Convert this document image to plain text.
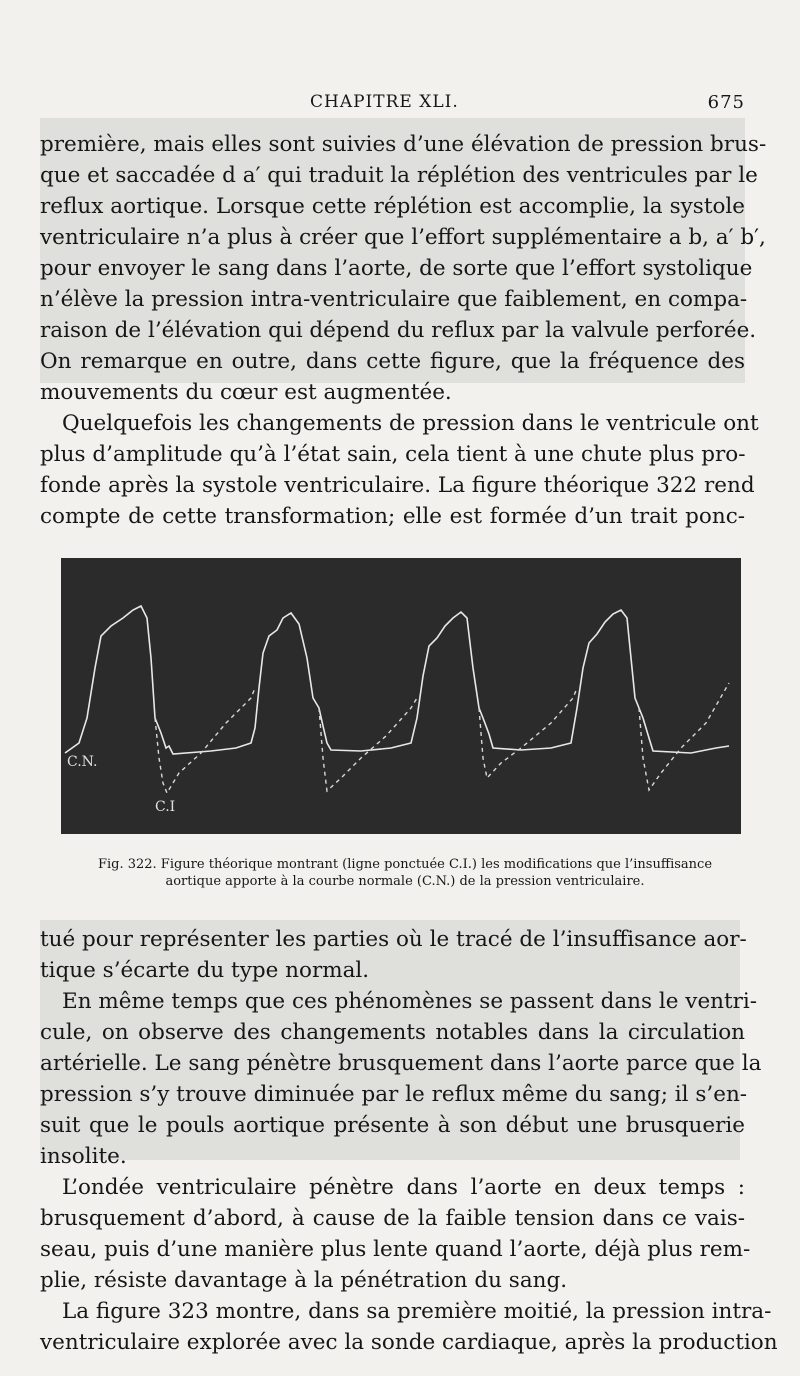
CHAPITRE XLI.	675
première, mais elles sont suivies d’une élévation de pression brus-
que et saccadée d a′ qui traduit la réplétion des ventricules par le
reflux aortique. Lorsque cette réplétion est accomplie, la systole
ventriculaire n’a plus à créer que l’effort supplémentaire a b, a′ b′,
pour envoyer le sang dans l’aorte, de sorte que l’effort systolique
n’élève la pression intra-ventriculaire que faiblement, en compa-
raison de l’élévation qui dépend du reflux par la valvule perforée.
On remarque en outre, dans cette figure, que la fréquence des
mouvements du cœur est augmentée.
Quelquefois les changements de pression dans le ventricule ont
plus d’amplitude qu’à l’état sain, cela tient à une chute plus pro-
fonde après la systole ventriculaire. La figure théorique 322 rend
compte de cette transformation; elle est formée d’un trait ponc-
C.N.
C.I
Fig. 322. Figure théorique montrant (ligne ponctuée C.I.) les modifications que l’insuffisance
aortique apporte à la courbe normale (C.N.) de la pression ventriculaire.
tué pour représenter les parties où le tracé de l’insuffisance aor-
tique s’écarte du type normal.
En même temps que ces phénomènes se passent dans le ventri-
cule, on observe des changements notables dans la circulation
artérielle. Le sang pénètre brusquement dans l’aorte parce que la
pression s’y trouve diminuée par le reflux même du sang; il s’en-
suit que le pouls aortique présente à son début une brusquerie
insolite.
L’ondée ventriculaire pénètre dans l’aorte en deux temps :
brusquement d’abord, à cause de la faible tension dans ce vais-
seau, puis d’une manière plus lente quand l’aorte, déjà plus rem-
plie, résiste davantage à la pénétration du sang.
La figure 323 montre, dans sa première moitié, la pression intra-
ventriculaire explorée avec la sonde cardiaque, après la production
